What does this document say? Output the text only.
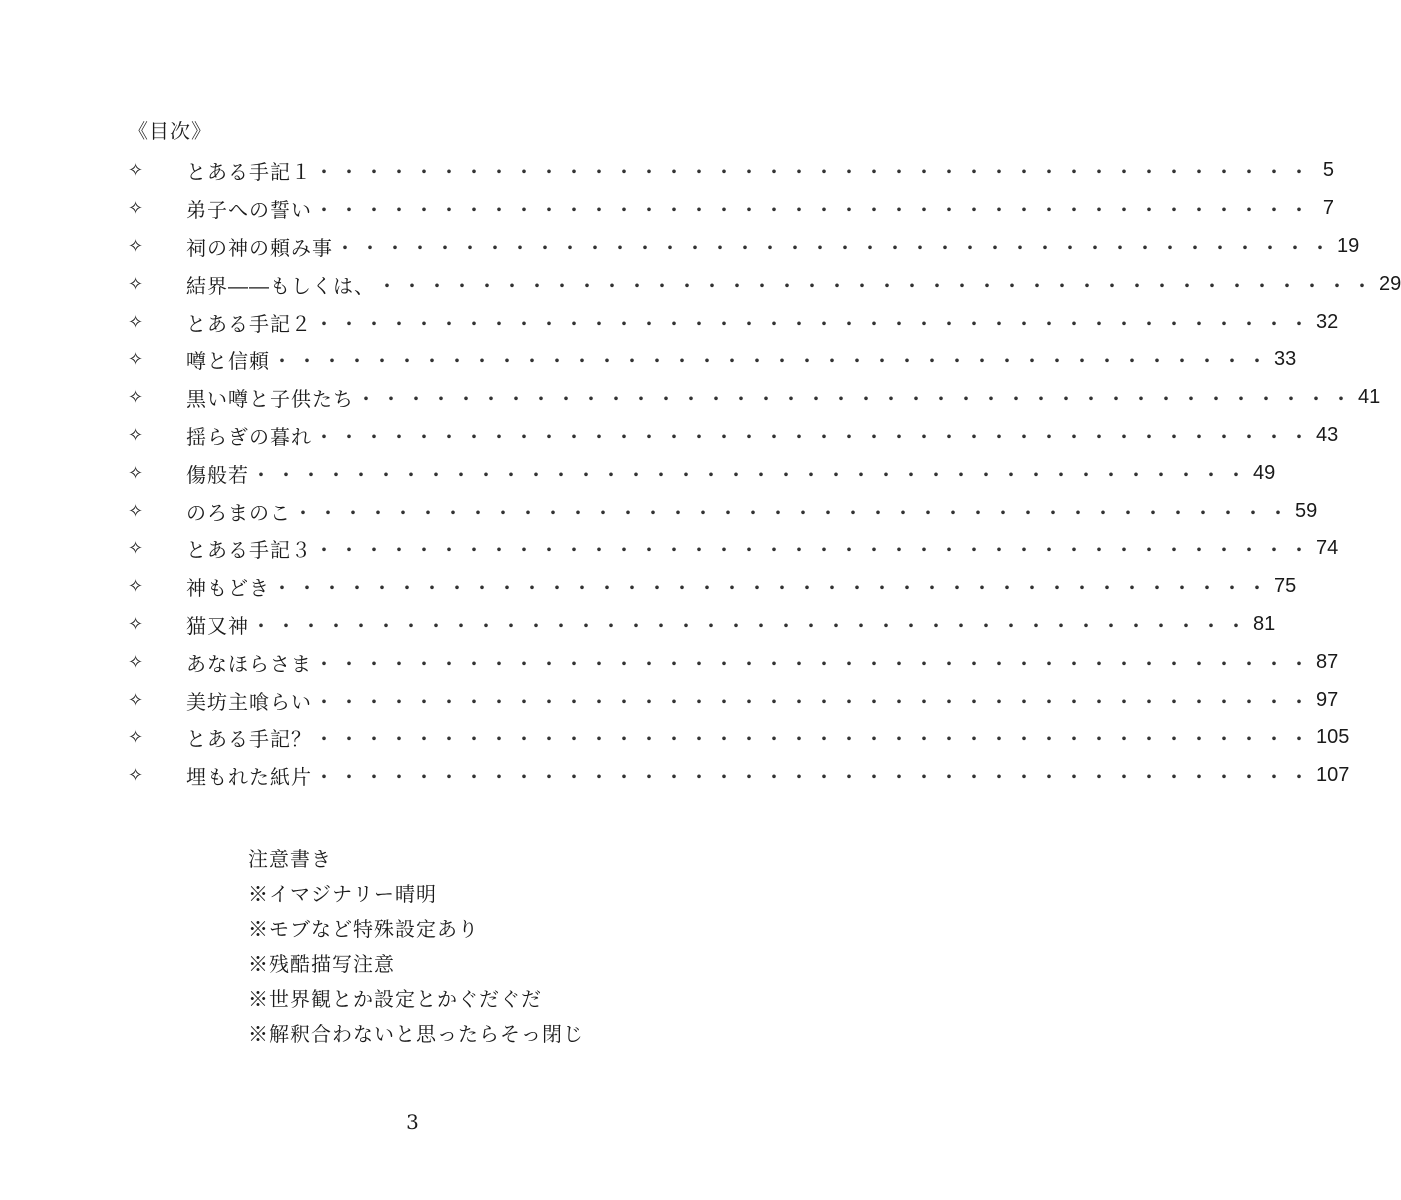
《目次》
✧	とある手記１ ・・・・・・・・・・・・・・・・・・・・・・・・・・・・・・・・・・・・・・・・ 5
✧	弟子への誓い ・・・・・・・・・・・・・・・・・・・・・・・・・・・・・・・・・・・・・・・・ 7
✧	祠の神の頼み事 ・・・・・・・・・・・・・・・・・・・・・・・・・・・・・・・・・・・・・・・・ 19
✧	結界――もしくは、 ・・・・・・・・・・・・・・・・・・・・・・・・・・・・・・・・・・・・・・・・ 29
✧	とある手記２ ・・・・・・・・・・・・・・・・・・・・・・・・・・・・・・・・・・・・・・・・ 32
✧	噂と信頼 ・・・・・・・・・・・・・・・・・・・・・・・・・・・・・・・・・・・・・・・・ 33
✧	黒い噂と子供たち ・・・・・・・・・・・・・・・・・・・・・・・・・・・・・・・・・・・・・・・・ 41
✧	揺らぎの暮れ ・・・・・・・・・・・・・・・・・・・・・・・・・・・・・・・・・・・・・・・・ 43
✧	傷般若 ・・・・・・・・・・・・・・・・・・・・・・・・・・・・・・・・・・・・・・・・ 49
✧	のろまのこ ・・・・・・・・・・・・・・・・・・・・・・・・・・・・・・・・・・・・・・・・ 59
✧	とある手記３ ・・・・・・・・・・・・・・・・・・・・・・・・・・・・・・・・・・・・・・・・ 74
✧	神もどき ・・・・・・・・・・・・・・・・・・・・・・・・・・・・・・・・・・・・・・・・ 75
✧	猫又神 ・・・・・・・・・・・・・・・・・・・・・・・・・・・・・・・・・・・・・・・・ 81
✧	あなほらさま ・・・・・・・・・・・・・・・・・・・・・・・・・・・・・・・・・・・・・・・・ 87
✧	美坊主喰らい ・・・・・・・・・・・・・・・・・・・・・・・・・・・・・・・・・・・・・・・・ 97
✧	とある手記？ ・・・・・・・・・・・・・・・・・・・・・・・・・・・・・・・・・・・・・・・・ 105
✧	埋もれた紙片 ・・・・・・・・・・・・・・・・・・・・・・・・・・・・・・・・・・・・・・・・ 107
注意書き
※イマジナリー晴明
※モブなど特殊設定あり
※残酷描写注意
※世界観とか設定とかぐだぐだ
※解釈合わないと思ったらそっ閉じ
3
